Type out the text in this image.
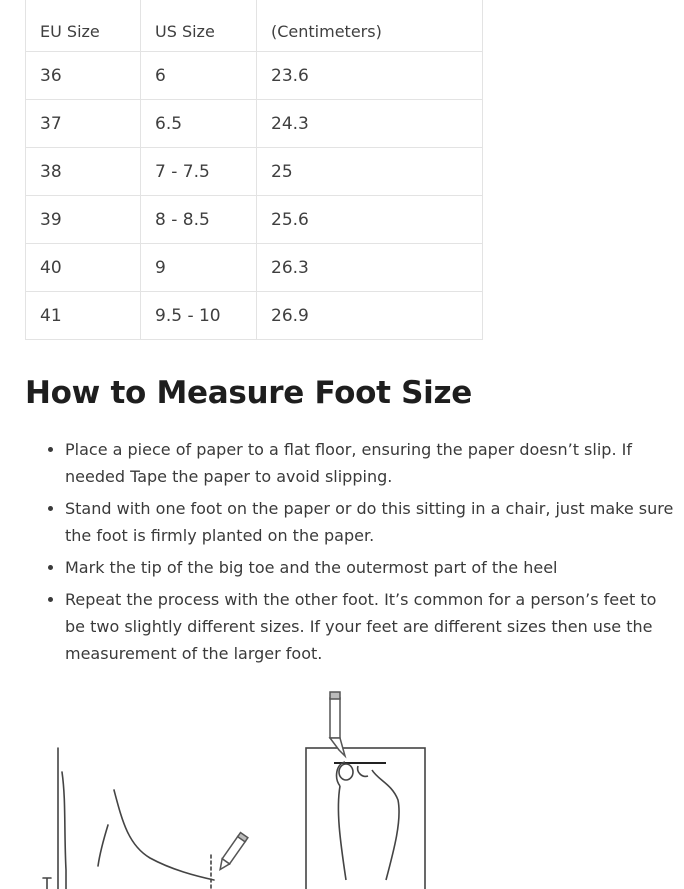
EU Size	US Size	(Centimeters)
36	6	23.6
37	6.5	24.3
38	7 - 7.5	25
39	8 - 8.5	25.6
40	9	26.3
41	9.5 - 10	26.9
How to Measure Foot Size
• Place a piece of paper to a flat floor, ensuring the paper doesn’t slip. If needed Tape the paper to avoid slipping.
• Stand with one foot on the paper or do this sitting in a chair, just make sure the foot is firmly planted on the paper.
• Mark the tip of the big toe and the outermost part of the heel
• Repeat the process with the other foot. It’s common for a person’s feet to be two slightly different sizes. If your feet are different sizes then use the measurement of the larger foot.
